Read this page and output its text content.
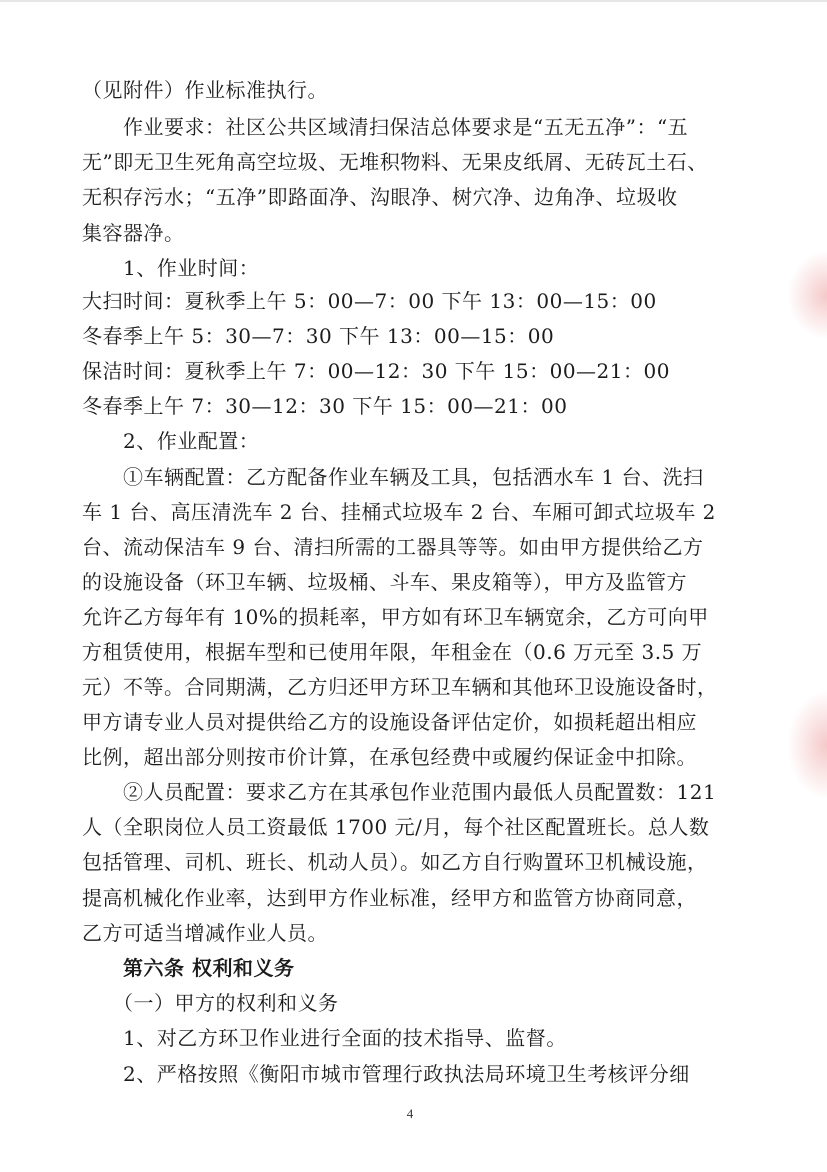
（见附件）作业标准执行。
　　作业要求：社区公共区域清扫保洁总体要求是“五无五净”：“五
无”即无卫生死角高空垃圾、无堆积物料、无果皮纸屑、无砖瓦土石、
无积存污水；“五净”即路面净、沟眼净、树穴净、边角净、垃圾收
集容器净。
　　1、作业时间：
大扫时间：夏秋季上午 5：00—7：00 下午 13：00—15：00
冬春季上午 5：30—7：30 下午 13：00—15：00
保洁时间：夏秋季上午 7：00—12：30 下午 15：00—21：00
冬春季上午 7：30—12：30 下午 15：00—21：00
　　2、作业配置：
　　①车辆配置：乙方配备作业车辆及工具，包括洒水车 1 台、洗扫
车 1 台、高压清洗车 2 台、挂桶式垃圾车 2 台、车厢可卸式垃圾车 2
台、流动保洁车 9 台、清扫所需的工器具等等。如由甲方提供给乙方
的设施设备（环卫车辆、垃圾桶、斗车、果皮箱等），甲方及监管方
允许乙方每年有 10%的损耗率，甲方如有环卫车辆宽余，乙方可向甲
方租赁使用，根据车型和已使用年限，年租金在（0.6 万元至 3.5 万
元）不等。合同期满，乙方归还甲方环卫车辆和其他环卫设施设备时，
甲方请专业人员对提供给乙方的设施设备评估定价，如损耗超出相应
比例，超出部分则按市价计算，在承包经费中或履约保证金中扣除。
　　②人员配置：要求乙方在其承包作业范围内最低人员配置数：121
人（全职岗位人员工资最低 1700 元/月，每个社区配置班长。总人数
包括管理、司机、班长、机动人员）。如乙方自行购置环卫机械设施，
提高机械化作业率，达到甲方作业标准，经甲方和监管方协商同意，
乙方可适当增减作业人员。
　　第六条 权利和义务
　　（一）甲方的权利和义务
　　1、对乙方环卫作业进行全面的技术指导、监督。
　　2、严格按照《衡阳市城市管理行政执法局环境卫生考核评分细
4
